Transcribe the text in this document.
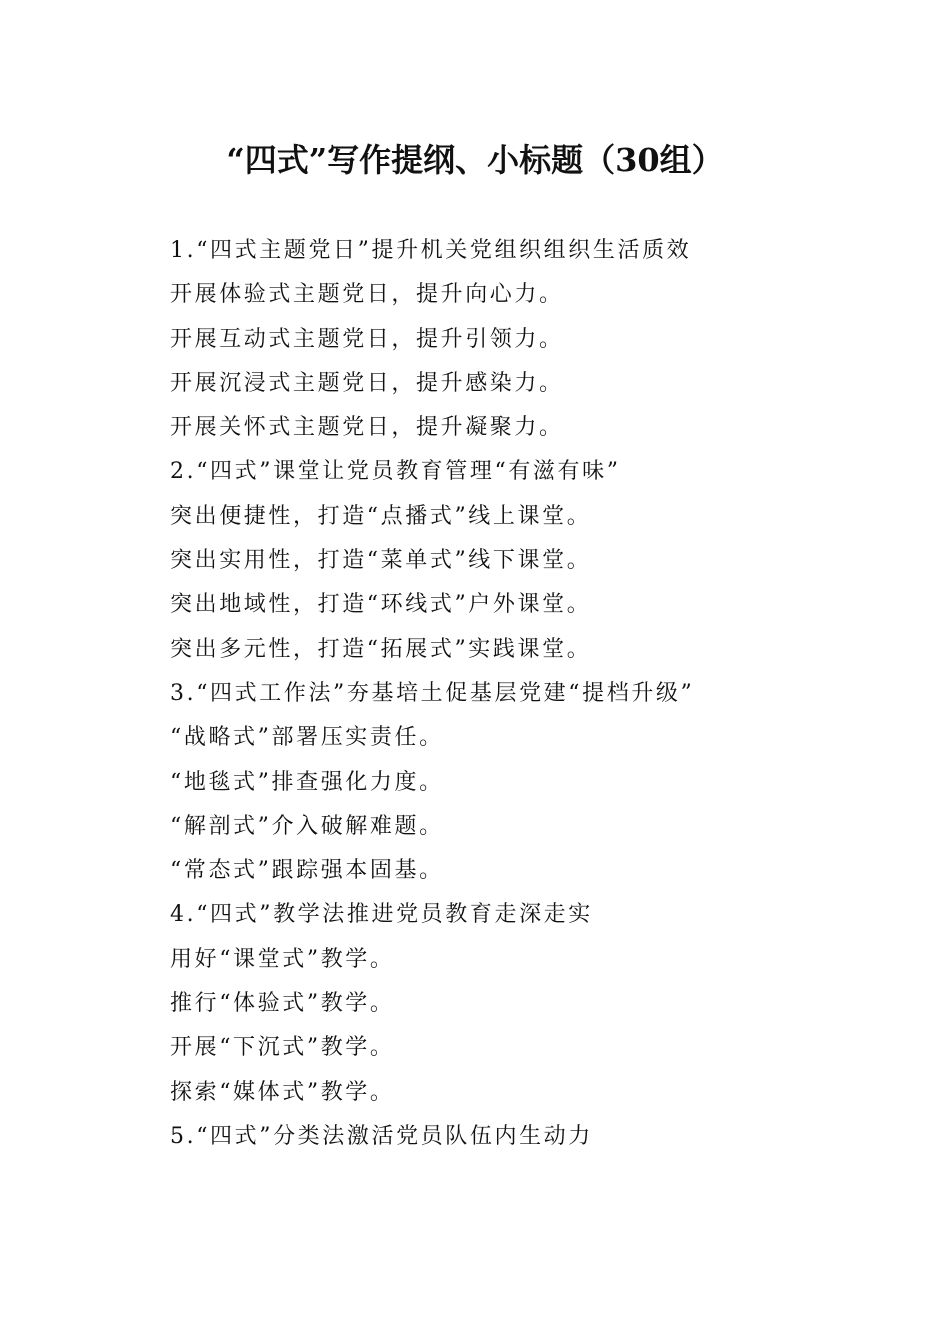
“四式”写作提纲、小标题（30组）
1.“四式主题党日”提升机关党组织组织生活质效
开展体验式主题党日，提升向心力。
开展互动式主题党日，提升引领力。
开展沉浸式主题党日，提升感染力。
开展关怀式主题党日，提升凝聚力。
2.“四式”课堂让党员教育管理“有滋有味”
突出便捷性，打造“点播式”线上课堂。
突出实用性，打造“菜单式”线下课堂。
突出地域性，打造“环线式”户外课堂。
突出多元性，打造“拓展式”实践课堂。
3.“四式工作法”夯基培土促基层党建“提档升级”
“战略式”部署压实责任。
“地毯式”排查强化力度。
“解剖式”介入破解难题。
“常态式”跟踪强本固基。
4.“四式”教学法推进党员教育走深走实
用好“课堂式”教学。
推行“体验式”教学。
开展“下沉式”教学。
探索“媒体式”教学。
5.“四式”分类法激活党员队伍内生动力
